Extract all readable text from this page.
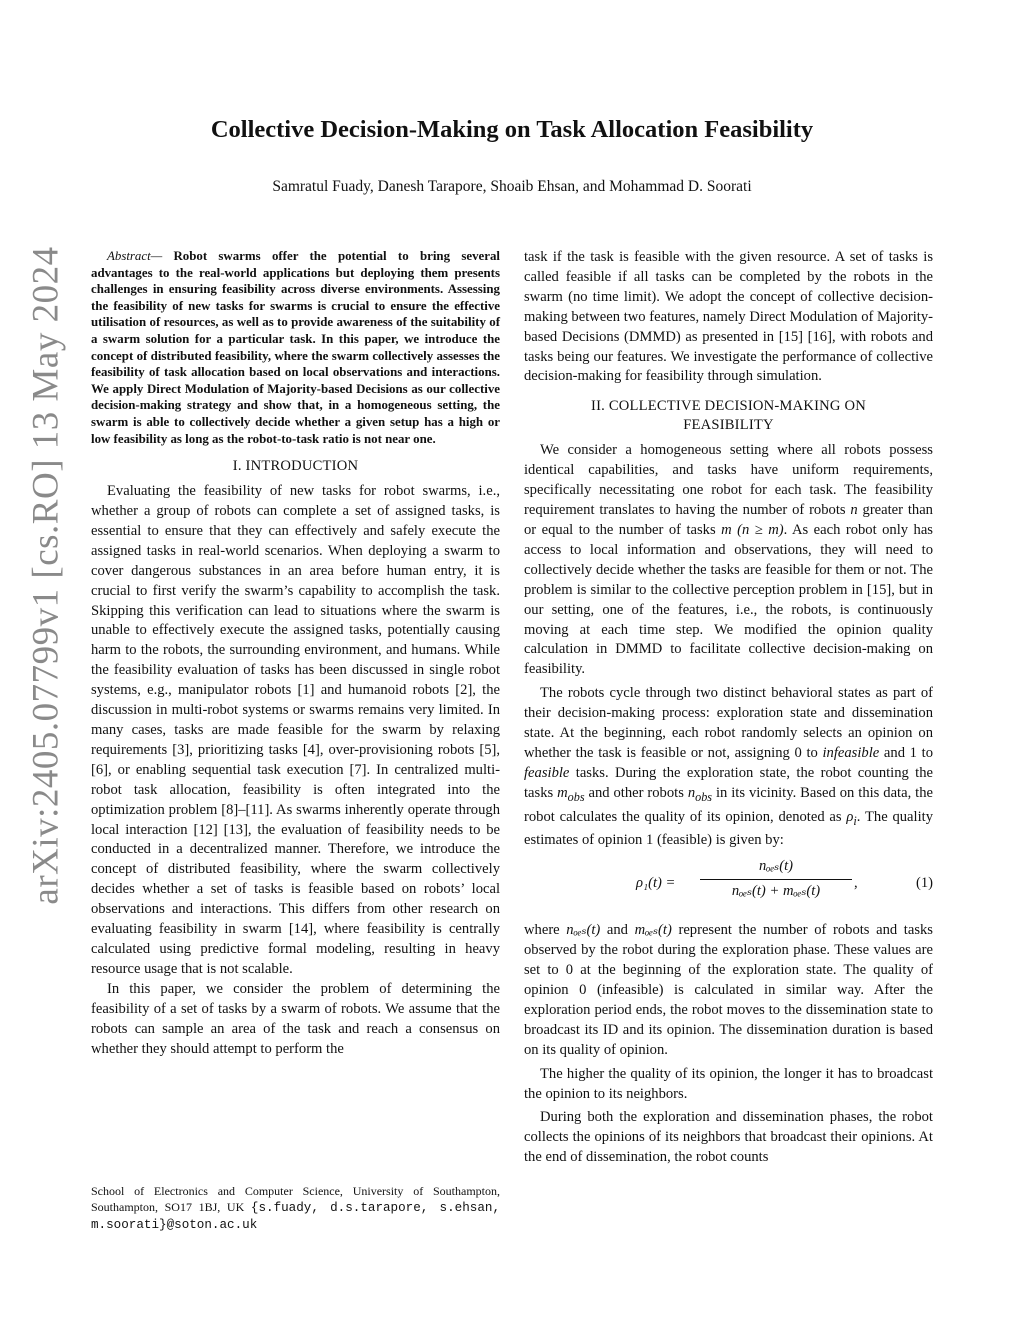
arXiv:2405.07799v1 [cs.RO] 13 May 2024
Collective Decision-Making on Task Allocation Feasibility
Samratul Fuady, Danesh Tarapore, Shoaib Ehsan, and Mohammad D. Soorati

Abstract— Robot swarms offer the potential to bring several advantages to the real-world applications but deploying them presents challenges in ensuring feasibility across diverse environments. Assessing the feasibility of new tasks for swarms is crucial to ensure the effective utilisation of resources, as well as to provide awareness of the suitability of a swarm solution for a particular task. In this paper, we introduce the concept of distributed feasibility, where the swarm collectively assesses the feasibility of task allocation based on local observations and interactions. We apply Direct Modulation of Majority-based Decisions as our collective decision-making strategy and show that, in a homogeneous setting, the swarm is able to collectively decide whether a given setup has a high or low feasibility as long as the robot-to-task ratio is not near one.

I. INTRODUCTION

Evaluating the feasibility of new tasks for robot swarms, i.e., whether a group of robots can complete a set of assigned tasks, is essential to ensure that they can effectively and safely execute the assigned tasks in real-world scenarios. When deploying a swarm to cover dangerous substances in an area before human entry, it is crucial to first verify the swarm’s capability to accomplish the task. Skipping this verification can lead to situations where the swarm is unable to effectively execute the assigned tasks, potentially causing harm to the robots, the surrounding environment, and humans. While the feasibility evaluation of tasks has been discussed in single robot systems, e.g., manipulator robots [1] and humanoid robots [2], the discussion in multi-robot systems or swarms remains very limited. In many cases, tasks are made feasible for the swarm by relaxing requirements [3], prioritizing tasks [4], over-provisioning robots [5], [6], or enabling sequential task execution [7]. In centralized multi-robot task allocation, feasibility is often integrated into the optimization problem [8]–[11]. As swarms inherently operate through local interaction [12] [13], the evaluation of feasibility needs to be conducted in a decentralized manner. Therefore, we introduce the concept of distributed feasibility, where the swarm collectively decides whether a set of tasks is feasible based on robots’ local observations and interactions. This differs from other research on evaluating feasibility in swarm [14], where feasibility is centrally calculated using predictive formal modeling, resulting in heavy resource usage that is not scalable.

In this paper, we consider the problem of determining the feasibility of a set of tasks by a swarm of robots. We assume that the robots can sample an area of the task and reach a consensus on whether they should attempt to perform the

School of Electronics and Computer Science, University of Southampton, Southampton, SO17 1BJ, UK {s.fuady, d.s.tarapore, s.ehsan, m.soorati}@soton.ac.uk

task if the task is feasible with the given resource. A set of tasks is called feasible if all tasks can be completed by the robots in the swarm (no time limit). We adopt the concept of collective decision-making between two features, namely Direct Modulation of Majority-based Decisions (DMMD) as presented in [15] [16], with robots and tasks being our features. We investigate the performance of collective decision-making for feasibility through simulation.

II. COLLECTIVE DECISION-MAKING ON FEASIBILITY

We consider a homogeneous setting where all robots possess identical capabilities, and tasks have uniform requirements, specifically necessitating one robot for each task. The feasibility requirement translates to having the number of robots n greater than or equal to the number of tasks m (n ≥ m). As each robot only has access to local information and observations, they will need to collectively decide whether the tasks are feasible for them or not. The problem is similar to the collective perception problem in [15], but in our setting, one of the features, i.e., the robots, is continuously moving at each time step. We modified the opinion quality calculation in DMMD to facilitate collective decision-making on feasibility.

The robots cycle through two distinct behavioral states as part of their decision-making process: exploration state and dissemination state. At the beginning, each robot randomly selects an opinion on whether the task is feasible or not, assigning 0 to infeasible and 1 to feasible tasks. During the exploration state, the robot counting the tasks $m_{obs}$ and other robots $n_{obs}$ in its vicinity. Based on this data, the robot calculates the quality of its opinion, denoted as $\rho_i$. The quality estimates of opinion 1 (feasible) is given by:

ρ₁(t) =
nₒₑₛ(t)
nₒₑₛ(t) + mₒₑₛ(t) ,	(1)

where nₒₑₛ(t) and mₒₑₛ(t) represent the number of robots and tasks observed by the robot during the exploration phase. These values are set to 0 at the beginning of the exploration state. The quality of opinion 0 (infeasible) is calculated in similar way. After the exploration period ends, the robot moves to the dissemination state to broadcast its ID and its opinion. The dissemination duration is based on its quality of opinion.

The higher the quality of its opinion, the longer it has to broadcast the opinion to its neighbors.

During both the exploration and dissemination phases, the robot collects the opinions of its neighbors that broadcast their opinions. At the end of dissemination, the robot counts
